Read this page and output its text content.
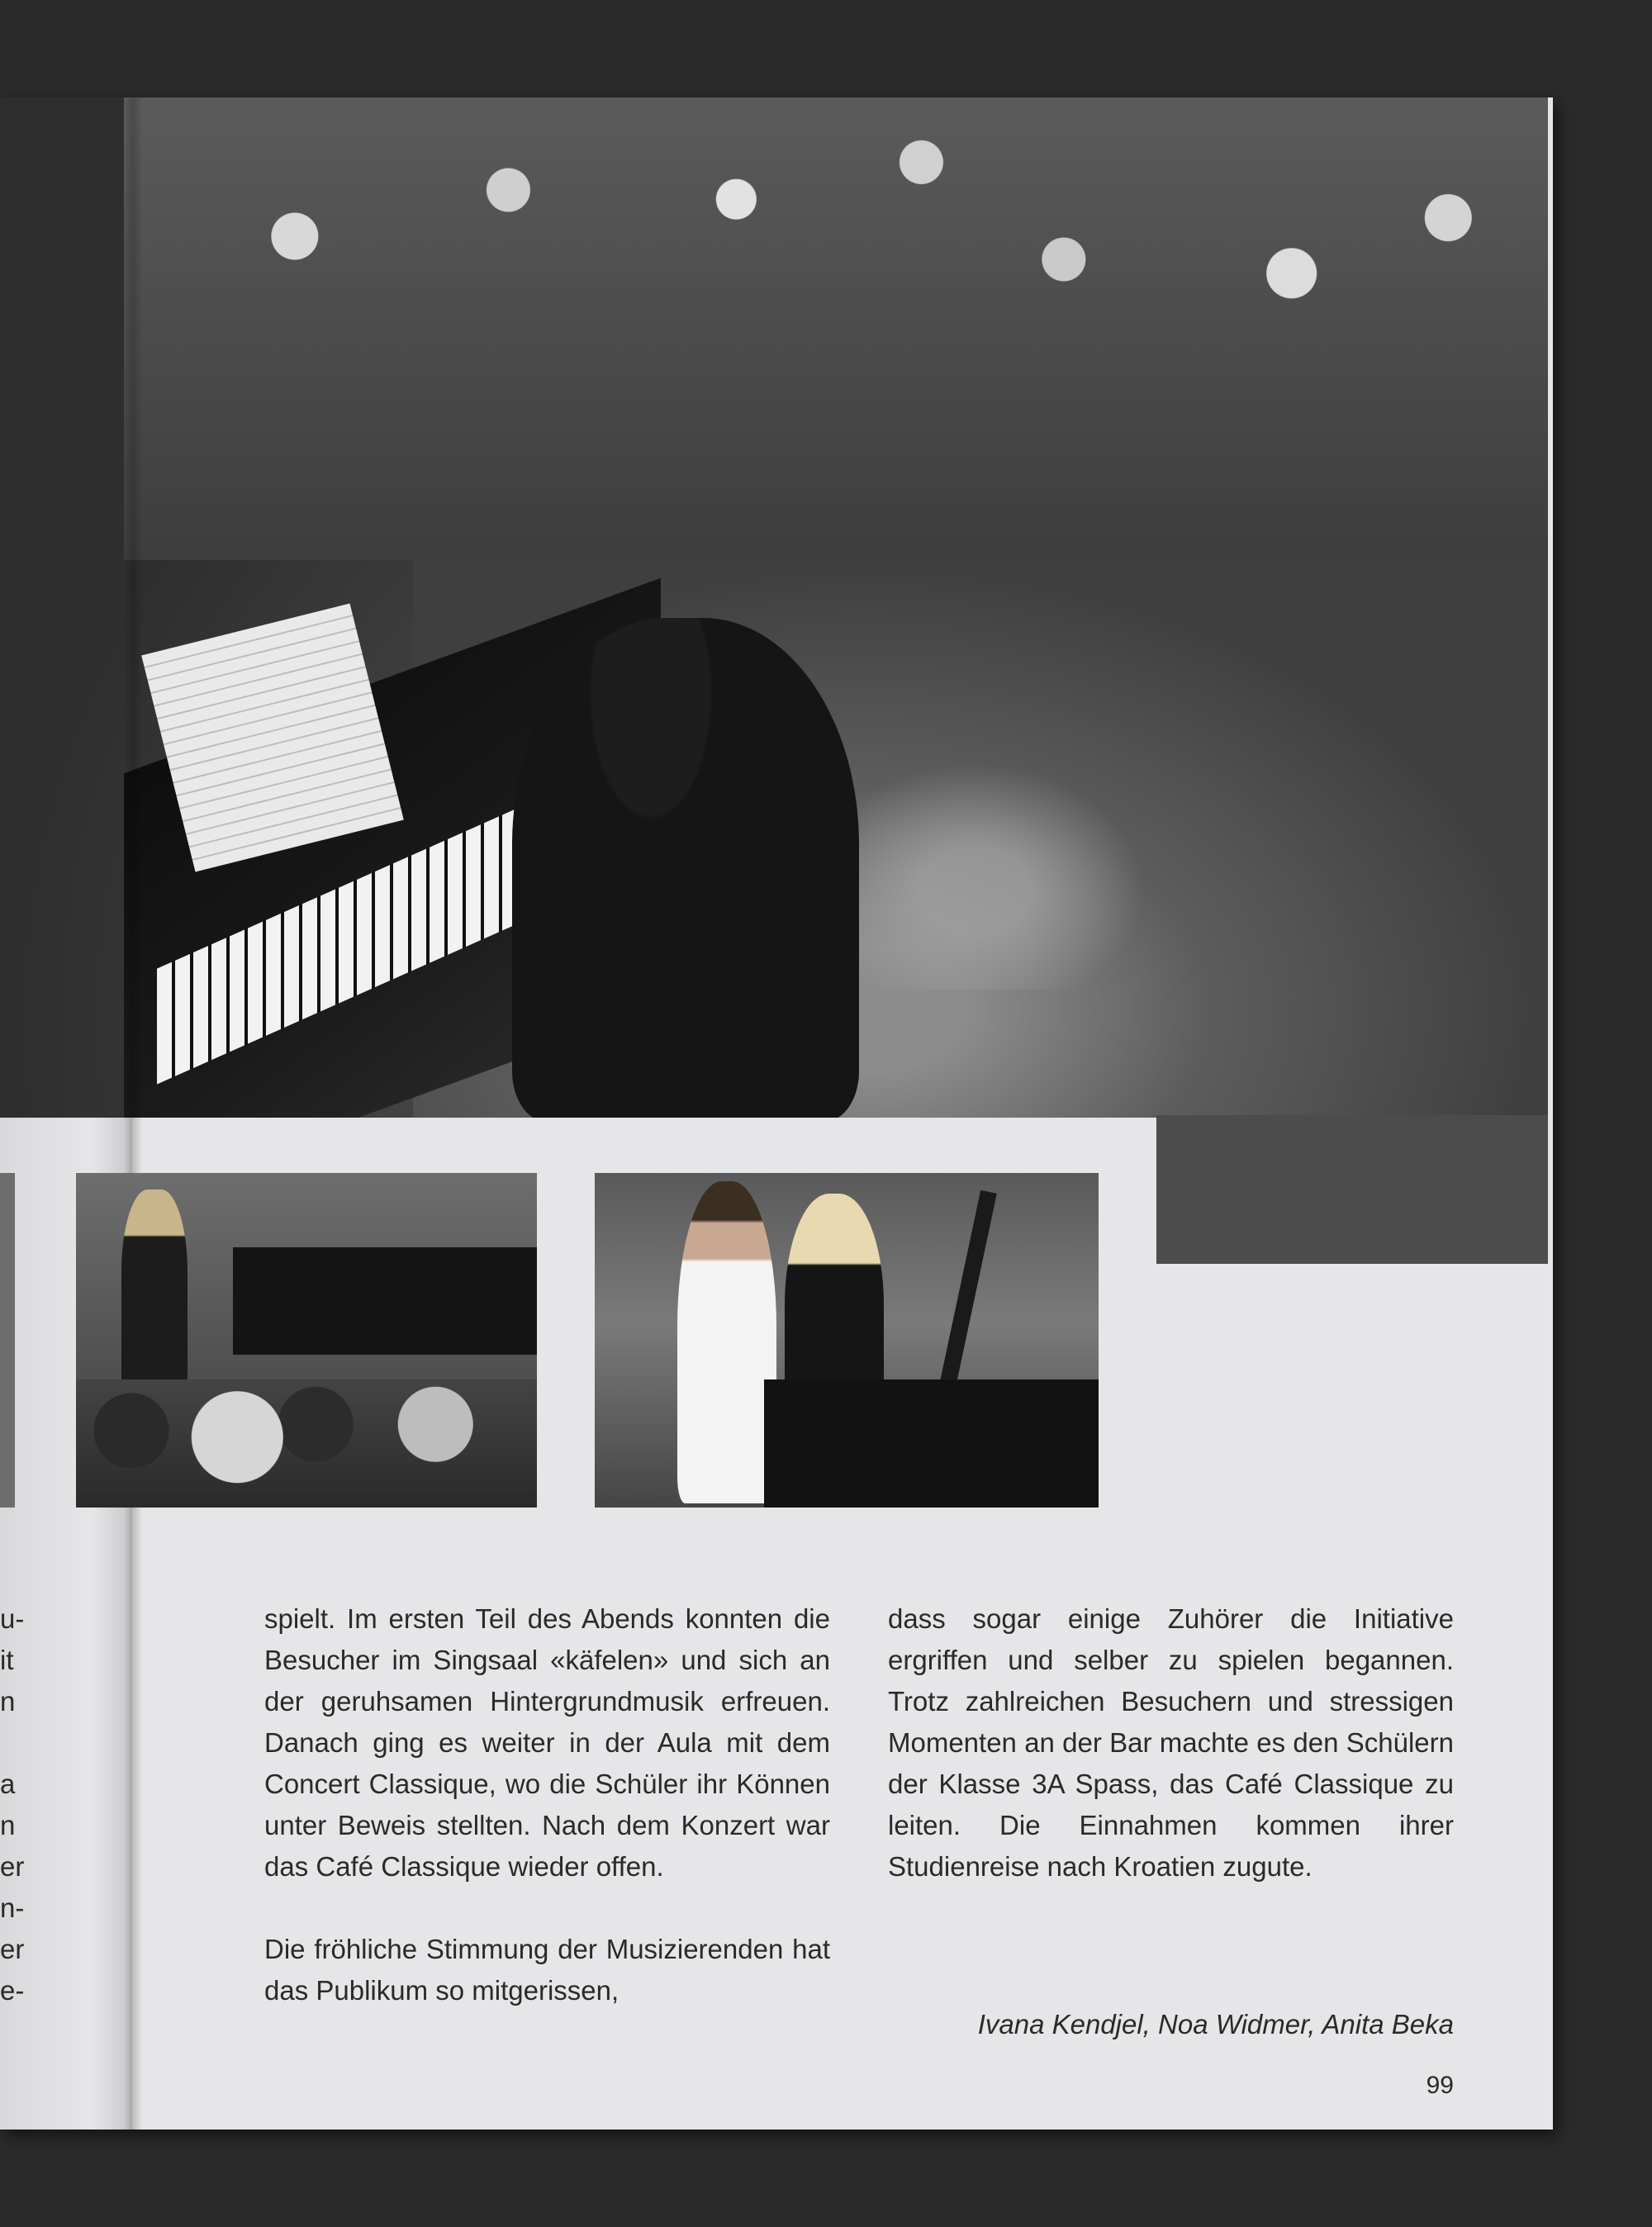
u-
it
n
a
n
er
n-
er
e-

spielt. Im ersten Teil des Abends konnten die Besucher im Singsaal «käfelen» und sich an der geruhsamen Hintergrundmusik erfreuen. Danach ging es weiter in der Aula mit dem Concert Classique, wo die Schüler ihr Können unter Beweis stellten. Nach dem Konzert war das Café Classique wieder offen.

Die fröhliche Stimmung der Musizierenden hat das Publikum so mitgerissen,

dass sogar einige Zuhörer die Initiative ergriffen und selber zu spielen begannen. Trotz zahlreichen Besuchern und stressigen Momenten an der Bar machte es den Schülern der Klasse 3A Spass, das Café Classique zu leiten. Die Einnahmen kommen ihrer Studienreise nach Kroatien zugute.

Ivana Kendjel, Noa Widmer, Anita Beka
99
